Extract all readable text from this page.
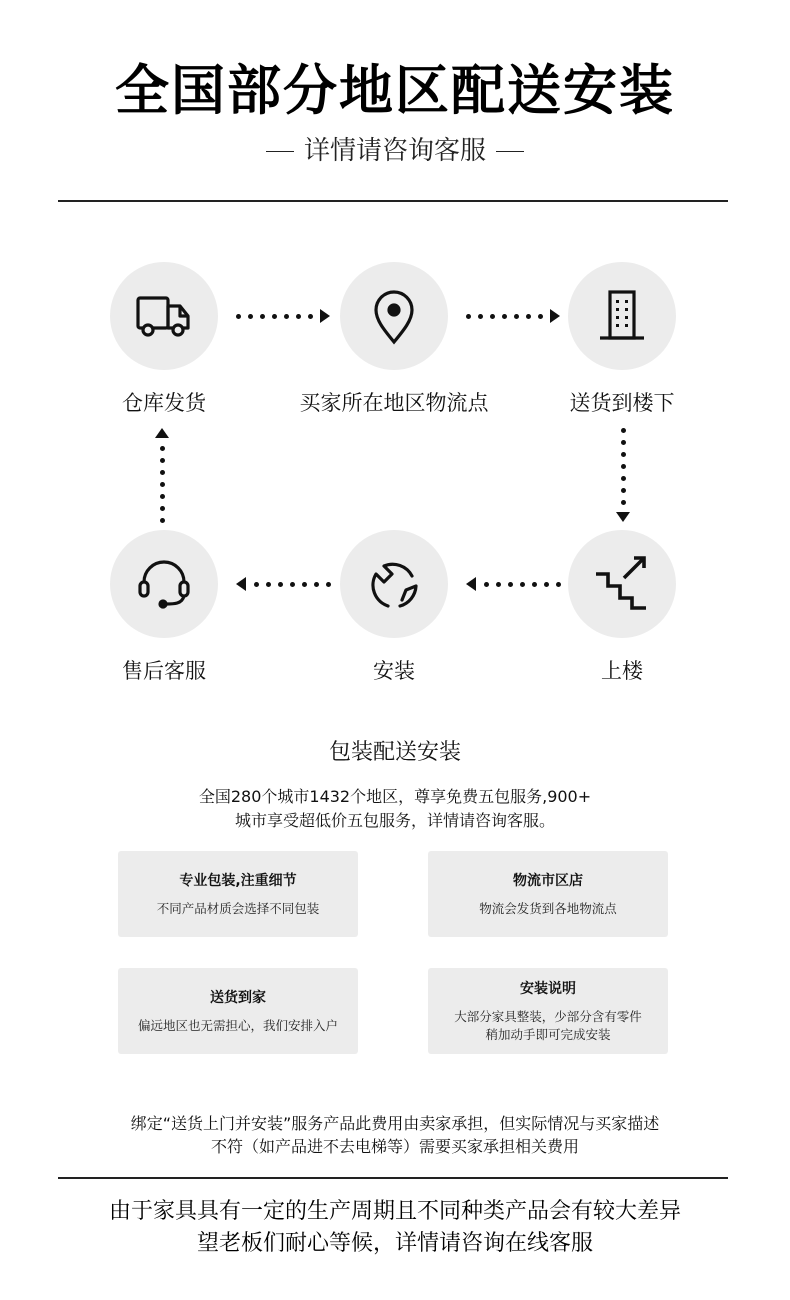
全国部分地区配送安装
详情请咨询客服
仓库发货	买家所在地区物流点	送货到楼下
售后客服	安装	上楼
包装配送安装
全国280个城市1432个地区，尊享免费五包服务,900+
城市享受超低价五包服务，详情请咨询客服。
专业包装,注重细节
不同产品材质会选择不同包装
物流市区店
物流会发货到各地物流点
送货到家
偏远地区也无需担心，我们安排入户
安装说明
大部分家具整装，少部分含有零件
稍加动手即可完成安装
绑定“送货上门并安装”服务产品此费用由卖家承担，但实际情况与买家描述
不符（如产品进不去电梯等）需要买家承担相关费用
由于家具具有一定的生产周期且不同种类产品会有较大差异
望老板们耐心等候，详情请咨询在线客服
